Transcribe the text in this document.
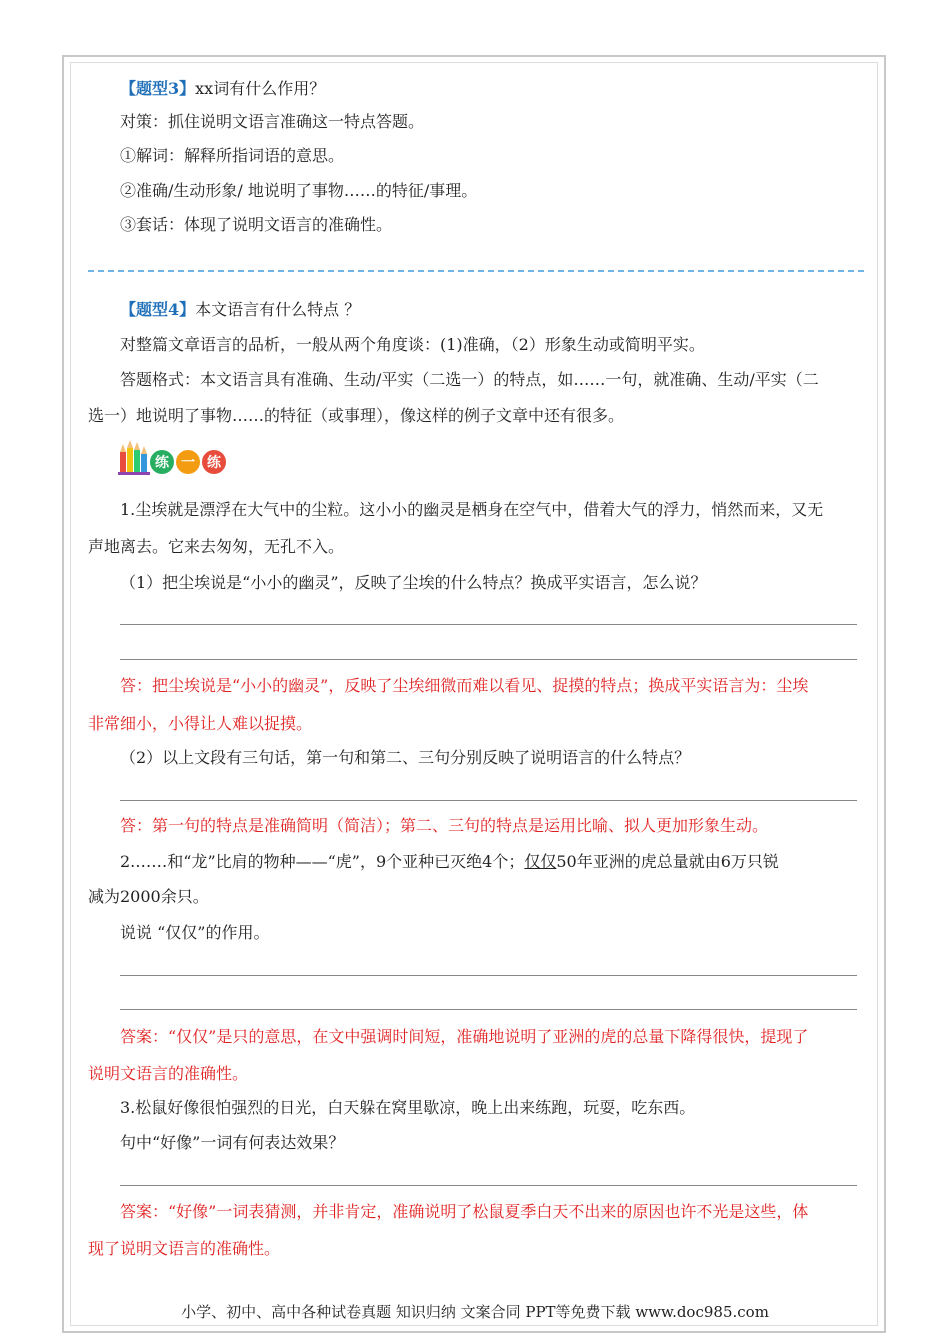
【题型3】xx词有什么作用？
对策：抓住说明文语言准确这一特点答题。
①解词：解释所指词语的意思。
②准确/生动形象/ 地说明了事物……的特征/事理。
③套话：体现了说明文语言的准确性。
【题型4】本文语言有什么特点 ？
对整篇文章语言的品析，一般从两个角度谈：(1)准确，（2）形象生动或简明平实。
答题格式：本文语言具有准确、生动/平实（二选一）的特点，如……一句，就准确、生动/平实（二
选一）地说明了事物……的特征（或事理），像这样的例子文章中还有很多。
练 一 练
1.尘埃就是漂浮在大气中的尘粒。这小小的幽灵是栖身在空气中，借着大气的浮力，悄然而来，又无
声地离去。它来去匆匆，无孔不入。
（1）把尘埃说是“小小的幽灵”，反映了尘埃的什么特点？换成平实语言，怎么说？
答：把尘埃说是“小小的幽灵”，反映了尘埃细微而难以看见、捉摸的特点；换成平实语言为：尘埃
非常细小，小得让人难以捉摸。
（2）以上文段有三句话，第一句和第二、三句分别反映了说明语言的什么特点？
答：第一句的特点是准确简明（简洁）；第二、三句的特点是运用比喻、拟人更加形象生动。
2.……和“龙”比肩的物种——“虎”，9个亚种已灭绝4个；仅仅50年亚洲的虎总量就由6万只锐
减为2000余只。
说说 “仅仅”的作用。
答案：“仅仅”是只的意思，在文中强调时间短，准确地说明了亚洲的虎的总量下降得很快，提现了
说明文语言的准确性。
3.松鼠好像很怕强烈的日光，白天躲在窝里歇凉，晚上出来练跑，玩耍，吃东西。
句中“好像”一词有何表达效果？
答案：“好像”一词表猜测，并非肯定，准确说明了松鼠夏季白天不出来的原因也许不光是这些，体
现了说明文语言的准确性。
小学、初中、高中各种试卷真题 知识归纳 文案合同 PPT等免费下载 www.doc985.com
